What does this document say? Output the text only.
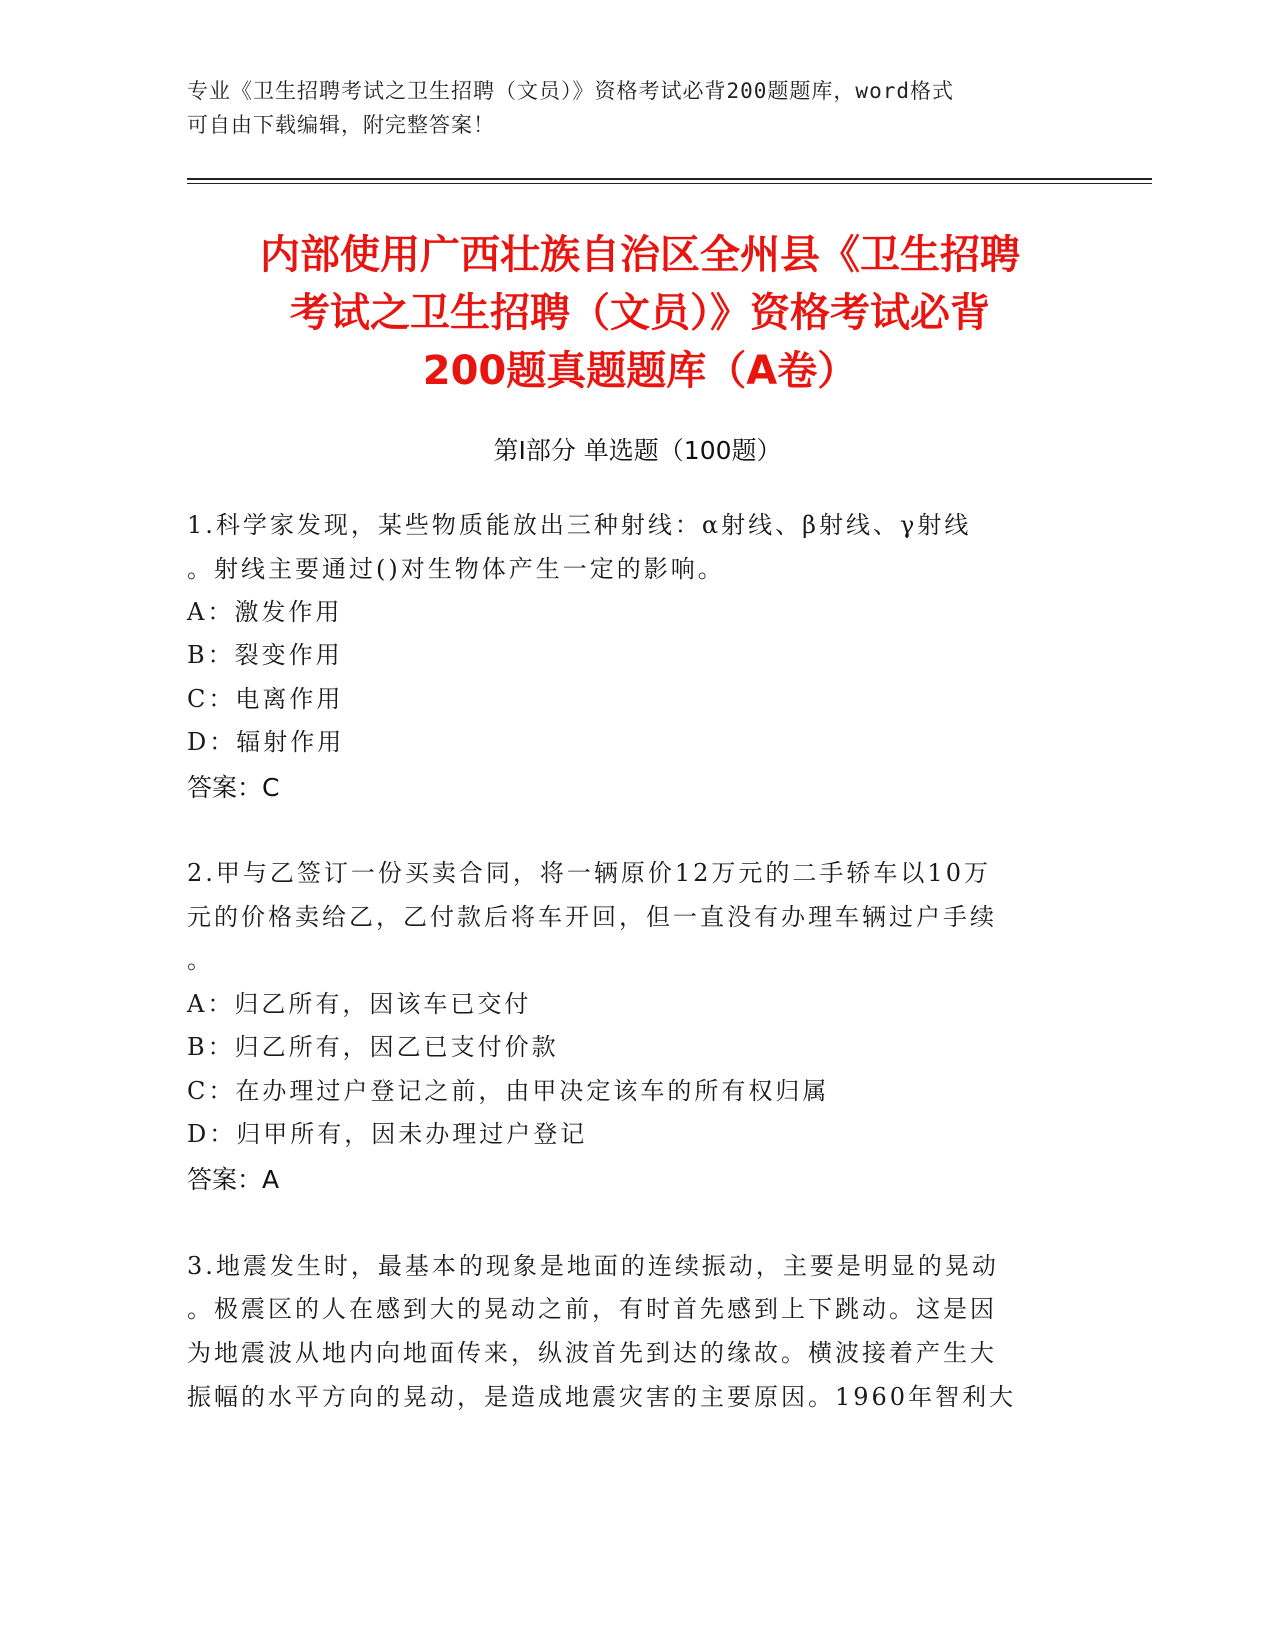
专业《卫生招聘考试之卫生招聘（文员）》资格考试必背200题题库，word格式
可自由下载编辑，附完整答案！
内部使用广西壮族自治区全州县《卫生招聘
考试之卫生招聘（文员）》资格考试必背
200题真题题库（A卷）
第Ⅰ部分 单选题（100题）
1.科学家发现，某些物质能放出三种射线：α射线、β射线、γ射线
。射线主要通过()对生物体产生一定的影响。
A：激发作用
B：裂变作用
C：电离作用
D：辐射作用
答案：C
2.甲与乙签订一份买卖合同，将一辆原价12万元的二手轿车以10万
元的价格卖给乙，乙付款后将车开回，但一直没有办理车辆过户手续
。
A：归乙所有，因该车已交付
B：归乙所有，因乙已支付价款
C：在办理过户登记之前，由甲决定该车的所有权归属
D：归甲所有，因未办理过户登记
答案：A
3.地震发生时，最基本的现象是地面的连续振动，主要是明显的晃动
。极震区的人在感到大的晃动之前，有时首先感到上下跳动。这是因
为地震波从地内向地面传来，纵波首先到达的缘故。横波接着产生大
振幅的水平方向的晃动，是造成地震灾害的主要原因。1960年智利大
